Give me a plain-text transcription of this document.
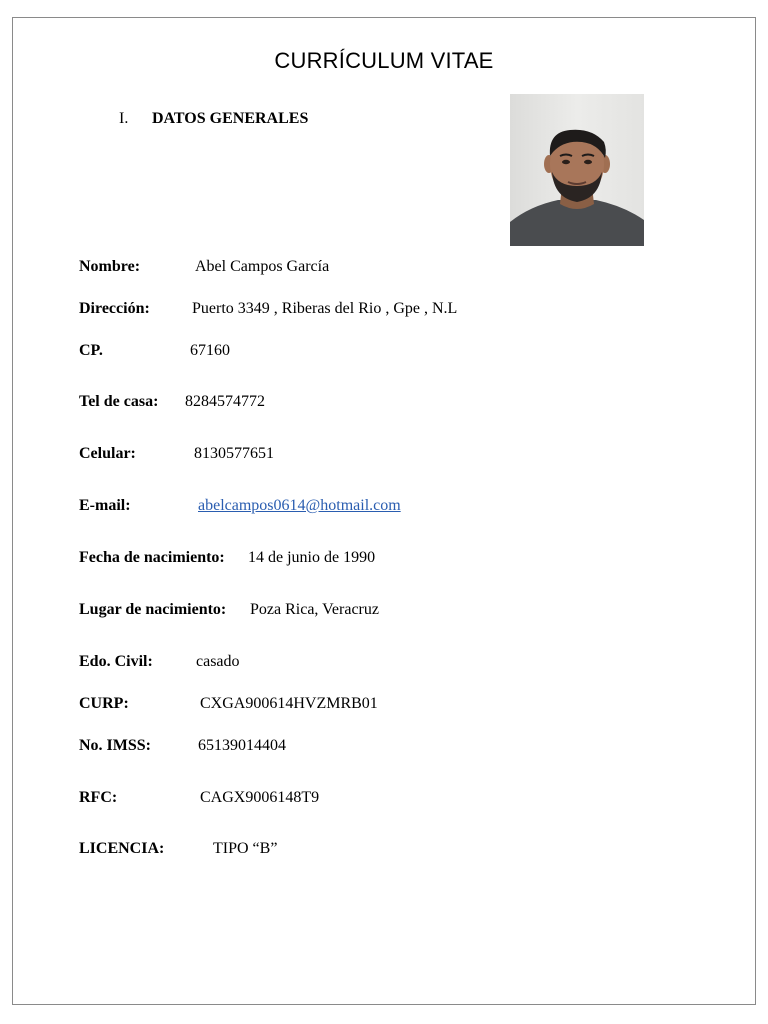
CURRÍCULUM VITAE
I. DATOS GENERALES
Nombre:	Abel Campos García
Dirección:	Puerto 3349 , Riberas del Rio , Gpe , N.L
CP.	67160
Tel de casa: 8284574772
Celular:	8130577651
E-mail:	abelcampos0614@hotmail.com
Fecha de nacimiento: 14 de junio de 1990
Lugar de nacimiento: Poza Rica, Veracruz
Edo. Civil:	casado
CURP:	CXGA900614HVZMRB01
No. IMSS:	65139014404
RFC:	CAGX9006148T9
LICENCIA:	TIPO “B”
